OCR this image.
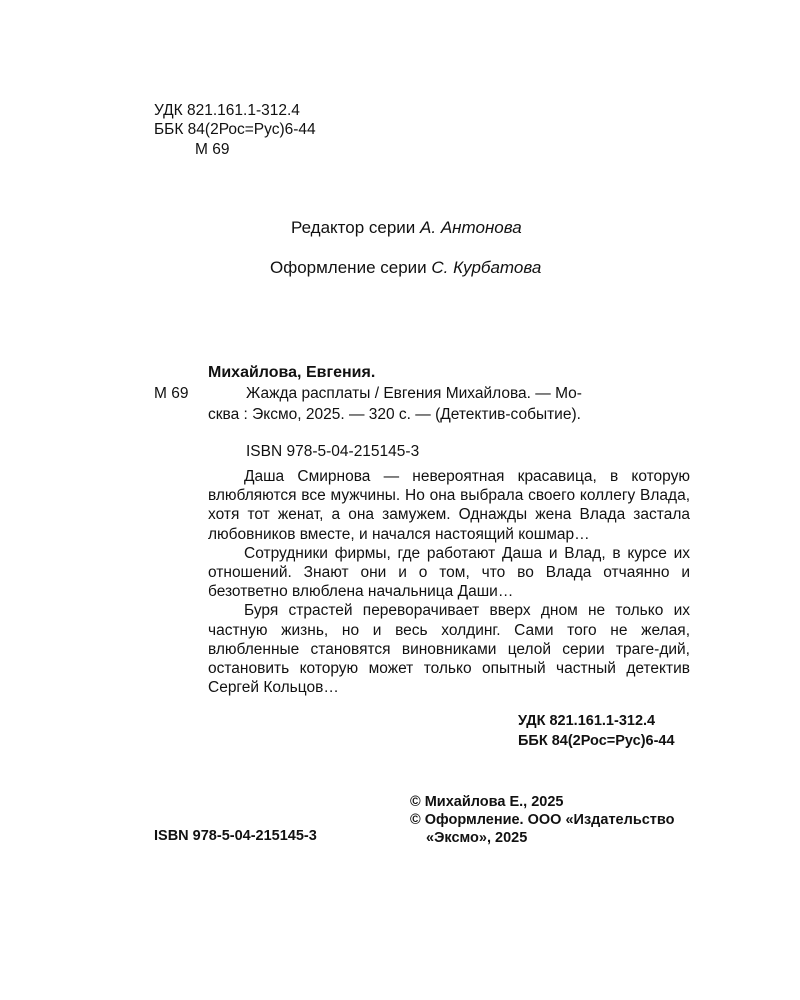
УДК 821.161.1-312.4
ББК 84(2Рос=Рус)6-44
М 69
Редактор серии А. Антонова
Оформление серии С. Курбатова
Михайлова, Евгения.
М 69	Жажда расплаты / Евгения Михайлова. — Мо-
сква : Эксмо, 2025. — 320 с. — (Детектив-событие).
ISBN 978-5-04-215145-3

Даша Смирнова — невероятная красавица, в которую влюбляются все мужчины. Но она выбрала своего коллегу Влада, хотя тот женат, а она замужем. Однажды жена Влада застала любовников вместе, и начался настоящий кошмар…

Сотрудники фирмы, где работают Даша и Влад, в курсе их отношений. Знают они и о том, что во Влада отчаянно и безответно влюблена начальница Даши…

Буря страстей переворачивает вверх дном не только их частную жизнь, но и весь холдинг. Сами того не желая, влюбленные становятся виновниками целой серии траге-дий, остановить которую может только опытный частный детектив Сергей Кольцов…

УДК 821.161.1-312.4
ББК 84(2Рос=Рус)6-44
ISBN 978-5-04-215145-3
© Михайлова Е., 2025
© Оформление. ООО «Издательство
«Эксмо», 2025
